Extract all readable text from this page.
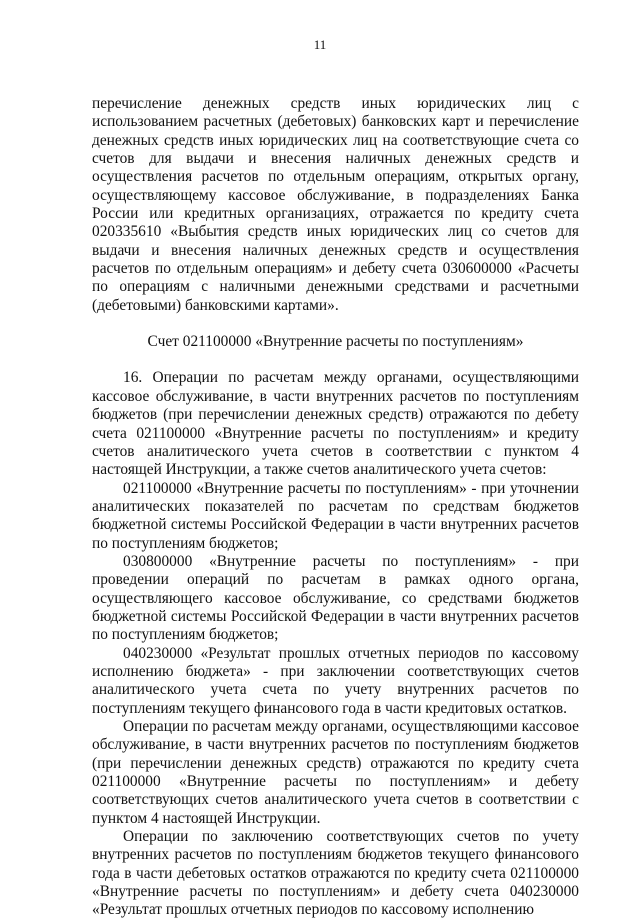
11

перечисление денежных средств иных юридических лиц с использованием расчетных (дебетовых) банковских карт и перечисление денежных средств иных юридических лиц на соответствующие счета со счетов для выдачи и внесения наличных денежных средств и осуществления расчетов по отдельным операциям, открытых органу, осуществляющему кассовое обслуживание, в подразделениях Банка России или кредитных организациях, отражается по кредиту счета 020335610 «Выбытия средств иных юридических лиц со счетов для выдачи и внесения наличных денежных средств и осуществления расчетов по отдельным операциям» и дебету счета 030600000 «Расчеты по операциям с наличными денежными средствами и расчетными (дебетовыми) банковскими картами».

Счет 021100000 «Внутренние расчеты по поступлениям»

16. Операции по расчетам между органами, осуществляющими кассовое обслуживание, в части внутренних расчетов по поступлениям бюджетов (при перечислении денежных средств) отражаются по дебету счета 021100000 «Внутренние расчеты по поступлениям» и кредиту счетов аналитического учета счетов в соответствии с пунктом 4 настоящей Инструкции, а также счетов аналитического учета счетов:

021100000 «Внутренние расчеты по поступлениям» - при уточнении аналитических показателей по расчетам по средствам бюджетов бюджетной системы Российской Федерации в части внутренних расчетов по поступлениям бюджетов;

030800000 «Внутренние расчеты по поступлениям» - при проведении операций по расчетам в рамках одного органа, осуществляющего кассовое обслуживание, со средствами бюджетов бюджетной системы Российской Федерации в части внутренних расчетов по поступлениям бюджетов;

040230000 «Результат прошлых отчетных периодов по кассовому исполнению бюджета» - при заключении соответствующих счетов аналитического учета счета по учету внутренних расчетов по поступлениям текущего финансового года в части кредитовых остатков.

Операции по расчетам между органами, осуществляющими кассовое обслуживание, в части внутренних расчетов по поступлениям бюджетов (при перечислении денежных средств) отражаются по кредиту счета 021100000 «Внутренние расчеты по поступлениям» и дебету соответствующих счетов аналитического учета счетов в соответствии с пунктом 4 настоящей Инструкции.

Операции по заключению соответствующих счетов по учету внутренних расчетов по поступлениям бюджетов текущего финансового года в части дебетовых остатков отражаются по кредиту счета 021100000 «Внутренние расчеты по поступлениям» и дебету счета 040230000 «Результат прошлых отчетных периодов по кассовому исполнению
